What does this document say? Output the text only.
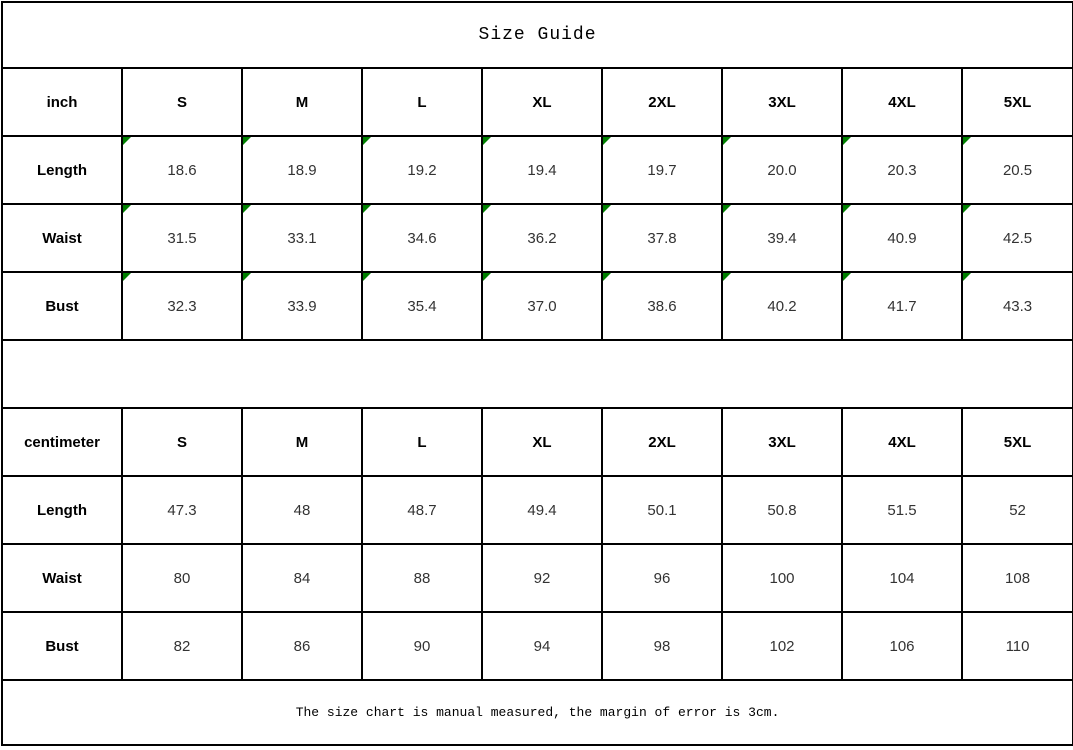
Size Guide								
inch	S	M	L	XL	2XL	3XL	4XL	5XL
Length	18.6	18.9	19.2	19.4	19.7	20.0	20.3	20.5
Waist	31.5	33.1	34.6	36.2	37.8	39.4	40.9	42.5
Bust	32.3	33.9	35.4	37.0	38.6	40.2	41.7	43.3

centimeter	S	M	L	XL	2XL	3XL	4XL	5XL
Length	47.3	48	48.7	49.4	50.1	50.8	51.5	52
Waist	80	84	88	92	96	100	104	108
Bust	82	86	90	94	98	102	106	110
The size chart is manual measured, the margin of error is 3cm.								
